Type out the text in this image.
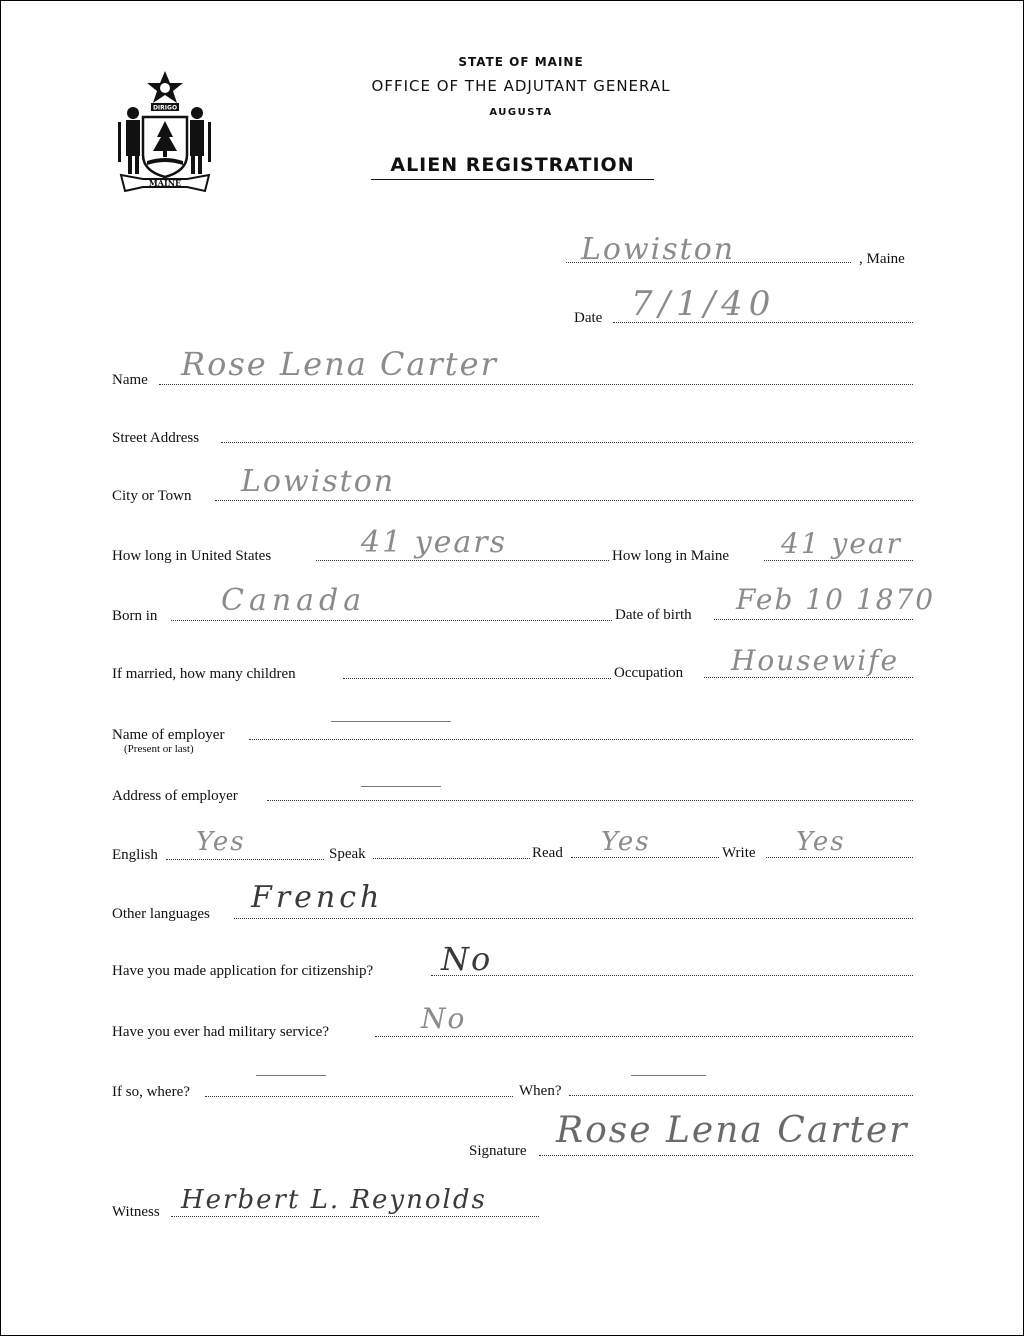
DIRIGO
MAINE
STATE OF MAINE
OFFICE OF THE ADJUTANT GENERAL
AUGUSTA
ALIEN REGISTRATION
Lowiston	, Maine
Date 7/1/40
Name Rose Lena Carter
Street Address
City or Town Lowiston
How long in United States	41 years	How long in Maine 41 year
Born in Canada	Date of birth Feb 10 1870
If married, how many children	Occupation Housewife
Name of employer
(Present or last)
Address of employer
English Yes	Speak	Read Yes	Write Yes
Other languages French
Have you made application for citizenship? No
Have you ever had military service?	No
If so, where?	When?
Signature Rose Lena Carter
Witness Herbert L. Reynolds
